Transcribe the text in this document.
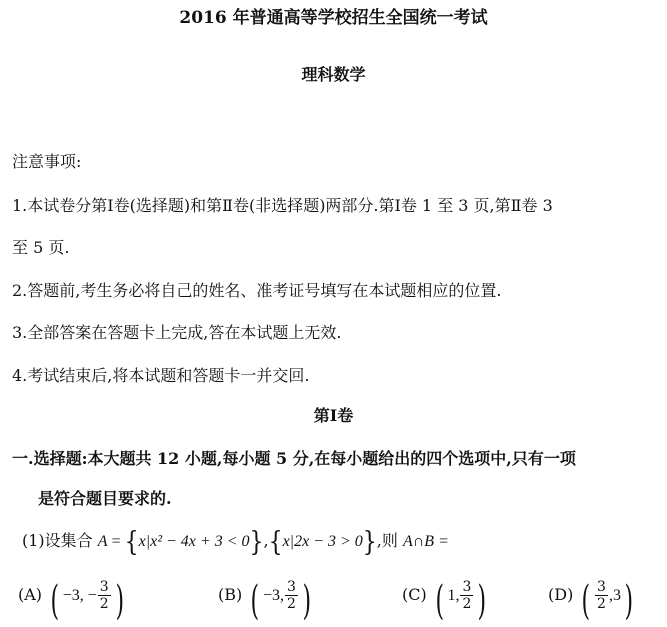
2016 年普通高等学校招生全国统一考试
理科数学
注意事项:
1.本试卷分第Ⅰ卷(选择题)和第Ⅱ卷(非选择题)两部分.第Ⅰ卷 1 至 3 页,第Ⅱ卷 3
至 5 页.
2.答题前,考生务必将自己的姓名、准考证号填写在本试题相应的位置.
3.全部答案在答题卡上完成,答在本试题上无效.
4.考试结束后,将本试题和答题卡一并交回.
第Ⅰ卷
一.选择题:本大题共 12 小题,每小题 5 分,在每小题给出的四个选项中,只有一项
是符合题目要求的.
(1)设集合 A = {x|x² − 4x + 3 < 0},{x|2x − 3 > 0},则 A∩B =
(A) ( −3, − $\frac{3}{2}$ )	(B) ( −3, $\frac{3}{2}$ )	(C) ( 1, $\frac{3}{2}$ )	(D) ( $\frac{3}{2} ,3$)
